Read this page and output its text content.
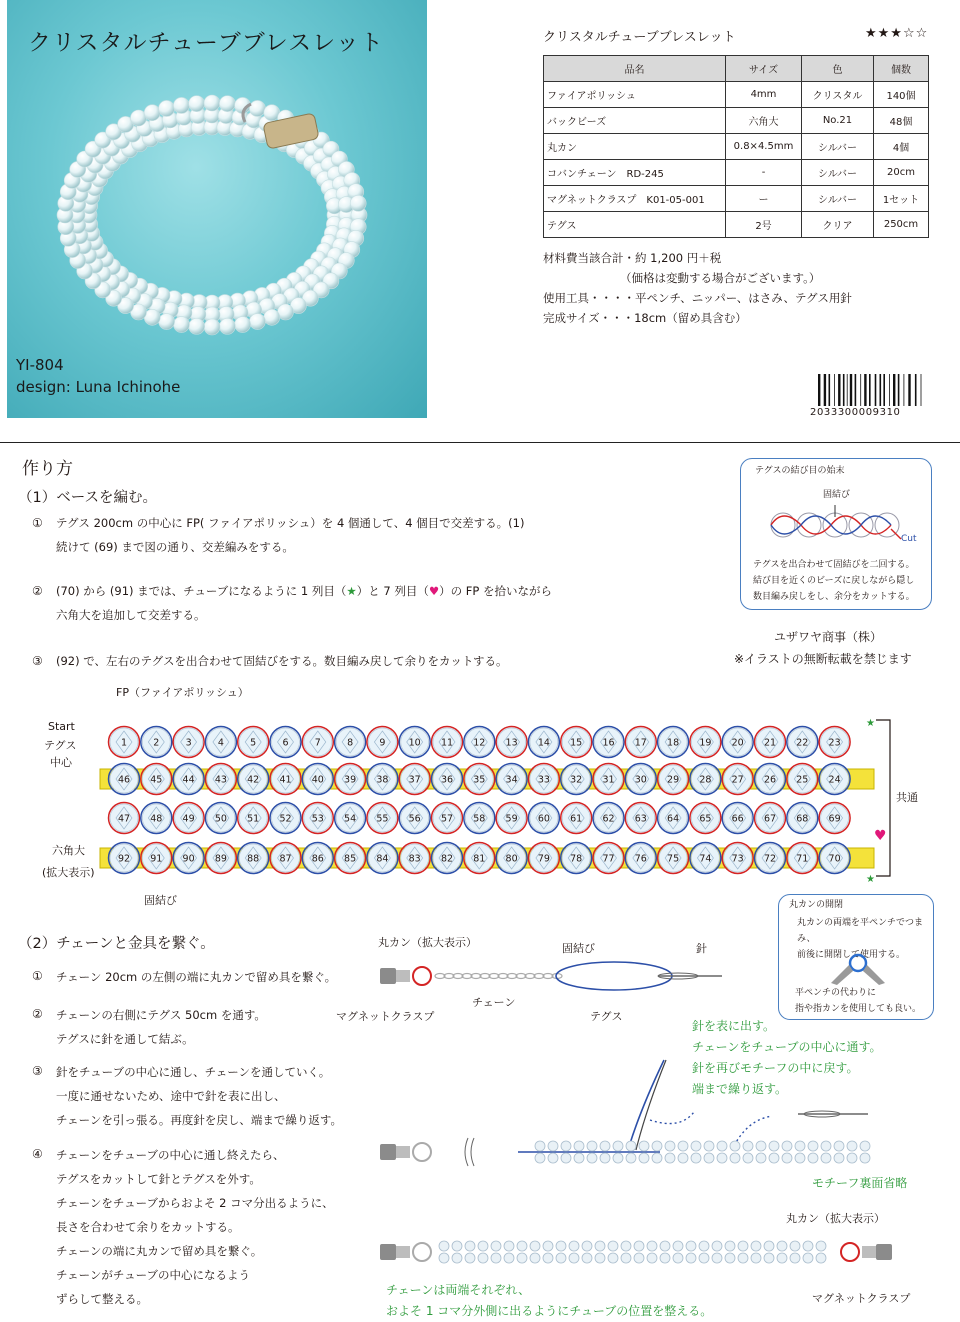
クリスタルチューブブレスレット
YI-804
design: Luna Ichinohe
クリスタルチューブブレスレット	★★★☆☆
品名	サイズ	色	個数
ファイアポリッシュ	4mm	クリスタル	140個
バックビーズ	六角大	No.21	48個
丸カン	0.8×4.5mm	シルバー	4個
コバンチェーン　RD-245	-	シルバー	20cm
マグネットクラスプ　K01-05-001	ー	シルバー	1セット
テグス	2号	クリア	250cm
材料費当該合計・約 1,200 円＋税
（価格は変動する場合がございます。）
使用工具・・・・平ペンチ、ニッパー、はさみ、テグス用針
完成サイズ・・・18cm（留め具含む）
2033300009310
作り方
（1）ベースを編む。
① テグス 200cm の中心に FP( ファイアポリッシュ）を 4 個通して、4 個目で交差する。(1)
続けて (69) まで図の通り、交差編みをする。
② (70) から (91) までは、チューブになるように 1 列目（★）と 7 列目（♥）の FP を拾いながら
六角大を追加して交差する。
③ (92) で、左右のテグスを出合わせて固結びをする。数目編み戻して余りをカットする。
テグスの結び目の始末
固結び
Cut
テグスを出合わせて固結びを二回する。
結び目を近くのビーズに戻しながら隠し
数目編み戻しをし、余分をカットする。
ユザワヤ商事（株）
※イラストの無断転載を禁じます
FP（ファイアポリッシュ）
Start
テグス
中心
六角大
(拡大表示)
固結び
共通
1	2	3	4	5	6	7	8	9 10 11 12 13 14 15 16 17 18 19 20 21 22 23
46 45 44 43 42 41 40 39 38 37 36 35 34 33 32 31 30 29 28 27 26 25 24
47 48 49 50 51 52 53 54 55 56 57 58 59 60 61 62 63 64 65 66 67 68 69
92 91 90 89 88 87 86 85 84 83 82 81 80 79 78 77 76 75 74 73 72 71 70
★
★
♥
（2）チェーンと金具を繋ぐ。
① チェーン 20cm の左側の端に丸カンで留め具を繋ぐ。
② チェーンの右側にテグス 50cm を通す。
テグスに針を通して結ぶ。
③ 針をチューブの中心に通し、チェーンを通していく。
一度に通せないため、途中で針を表に出し、
チェーンを引っ張る。再度針を戻し、端まで繰り返す。
④ チェーンをチューブの中心に通し終えたら、
テグスをカットして針とテグスを外す。
チェーンをチューブからおよそ 2 コマ分出るように、
長さを合わせて余りをカットする。
チェーンの端に丸カンで留め具を繋ぐ。
チェーンがチューブの中心になるよう
ずらして整える。
丸カン（拡大表示）	固結び	針
マグネットクラスプ
チェーン
テグス
丸カンの開閉
丸カンの両端を平ペンチでつまみ、
前後に開閉して使用する。
平ペンチの代わりに
指や指カンを使用しても良い。
針を表に出す。
チェーンをチューブの中心に通す。
針を再びモチーフの中に戻す。
端まで繰り返す。
モチーフ裏面省略
丸カン（拡大表示）
チェーンは両端それぞれ、
およそ 1 コマ分外側に出るようにチューブの位置を整える。
マグネットクラスプ
